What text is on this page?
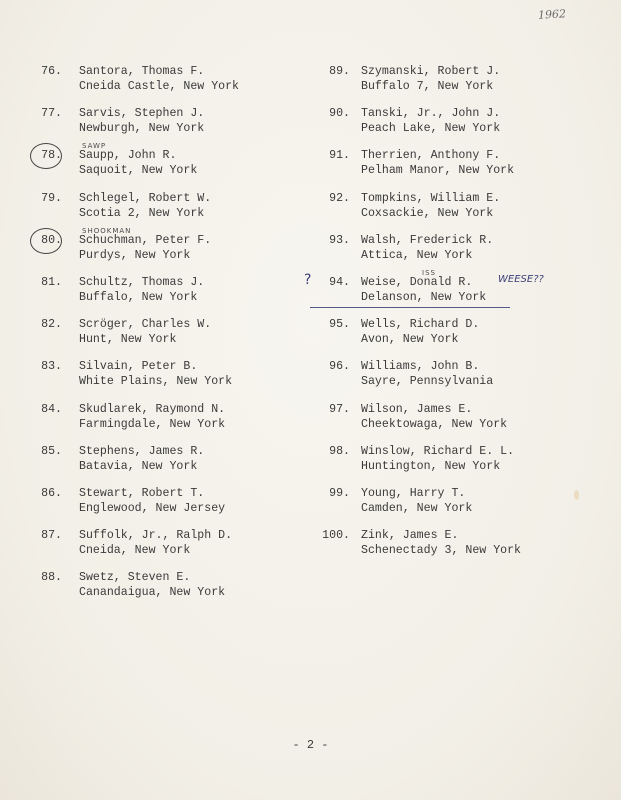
1962
76. Santora, Thomas F.
Cneida Castle, New York
77. Sarvis, Stephen J.
Newburgh, New York
78. Saupp, John R.
Saquoit, New York
SAWP
79. Schlegel, Robert W.
Scotia 2, New York
80. Schuchman, Peter F.
Purdys, New York
SHOOKMAN
81. Schultz, Thomas J.
Buffalo, New York
82. Scröger, Charles W.
Hunt, New York
83. Silvain, Peter B.
White Plains, New York
84. Skudlarek, Raymond N.
Farmingdale, New York
85. Stephens, James R.
Batavia, New York
86. Stewart, Robert T.
Englewood, New Jersey
87. Suffolk, Jr., Ralph D.
Cneida, New York
88. Swetz, Steven E.
Canandaigua, New York
89. Szymanski, Robert J.
Buffalo 7, New York
90. Tanski, Jr., John J.
Peach Lake, New York
91. Therrien, Anthony F.
Pelham Manor, New York
92. Tompkins, William E.
Coxsackie, New York
93. Walsh, Frederick R.
Attica, New York
94.
?	Weise, Donald R.
Delanson, New York
ISS
WEESE??
95. Wells, Richard D.
Avon, New York
96. Williams, John B.
Sayre, Pennsylvania
97. Wilson, James E.
Cheektowaga, New York
98. Winslow, Richard E. L.
Huntington, New York
99. Young, Harry T.
Camden, New York
100. Zink, James E.
Schenectady 3, New York
- 2 -
